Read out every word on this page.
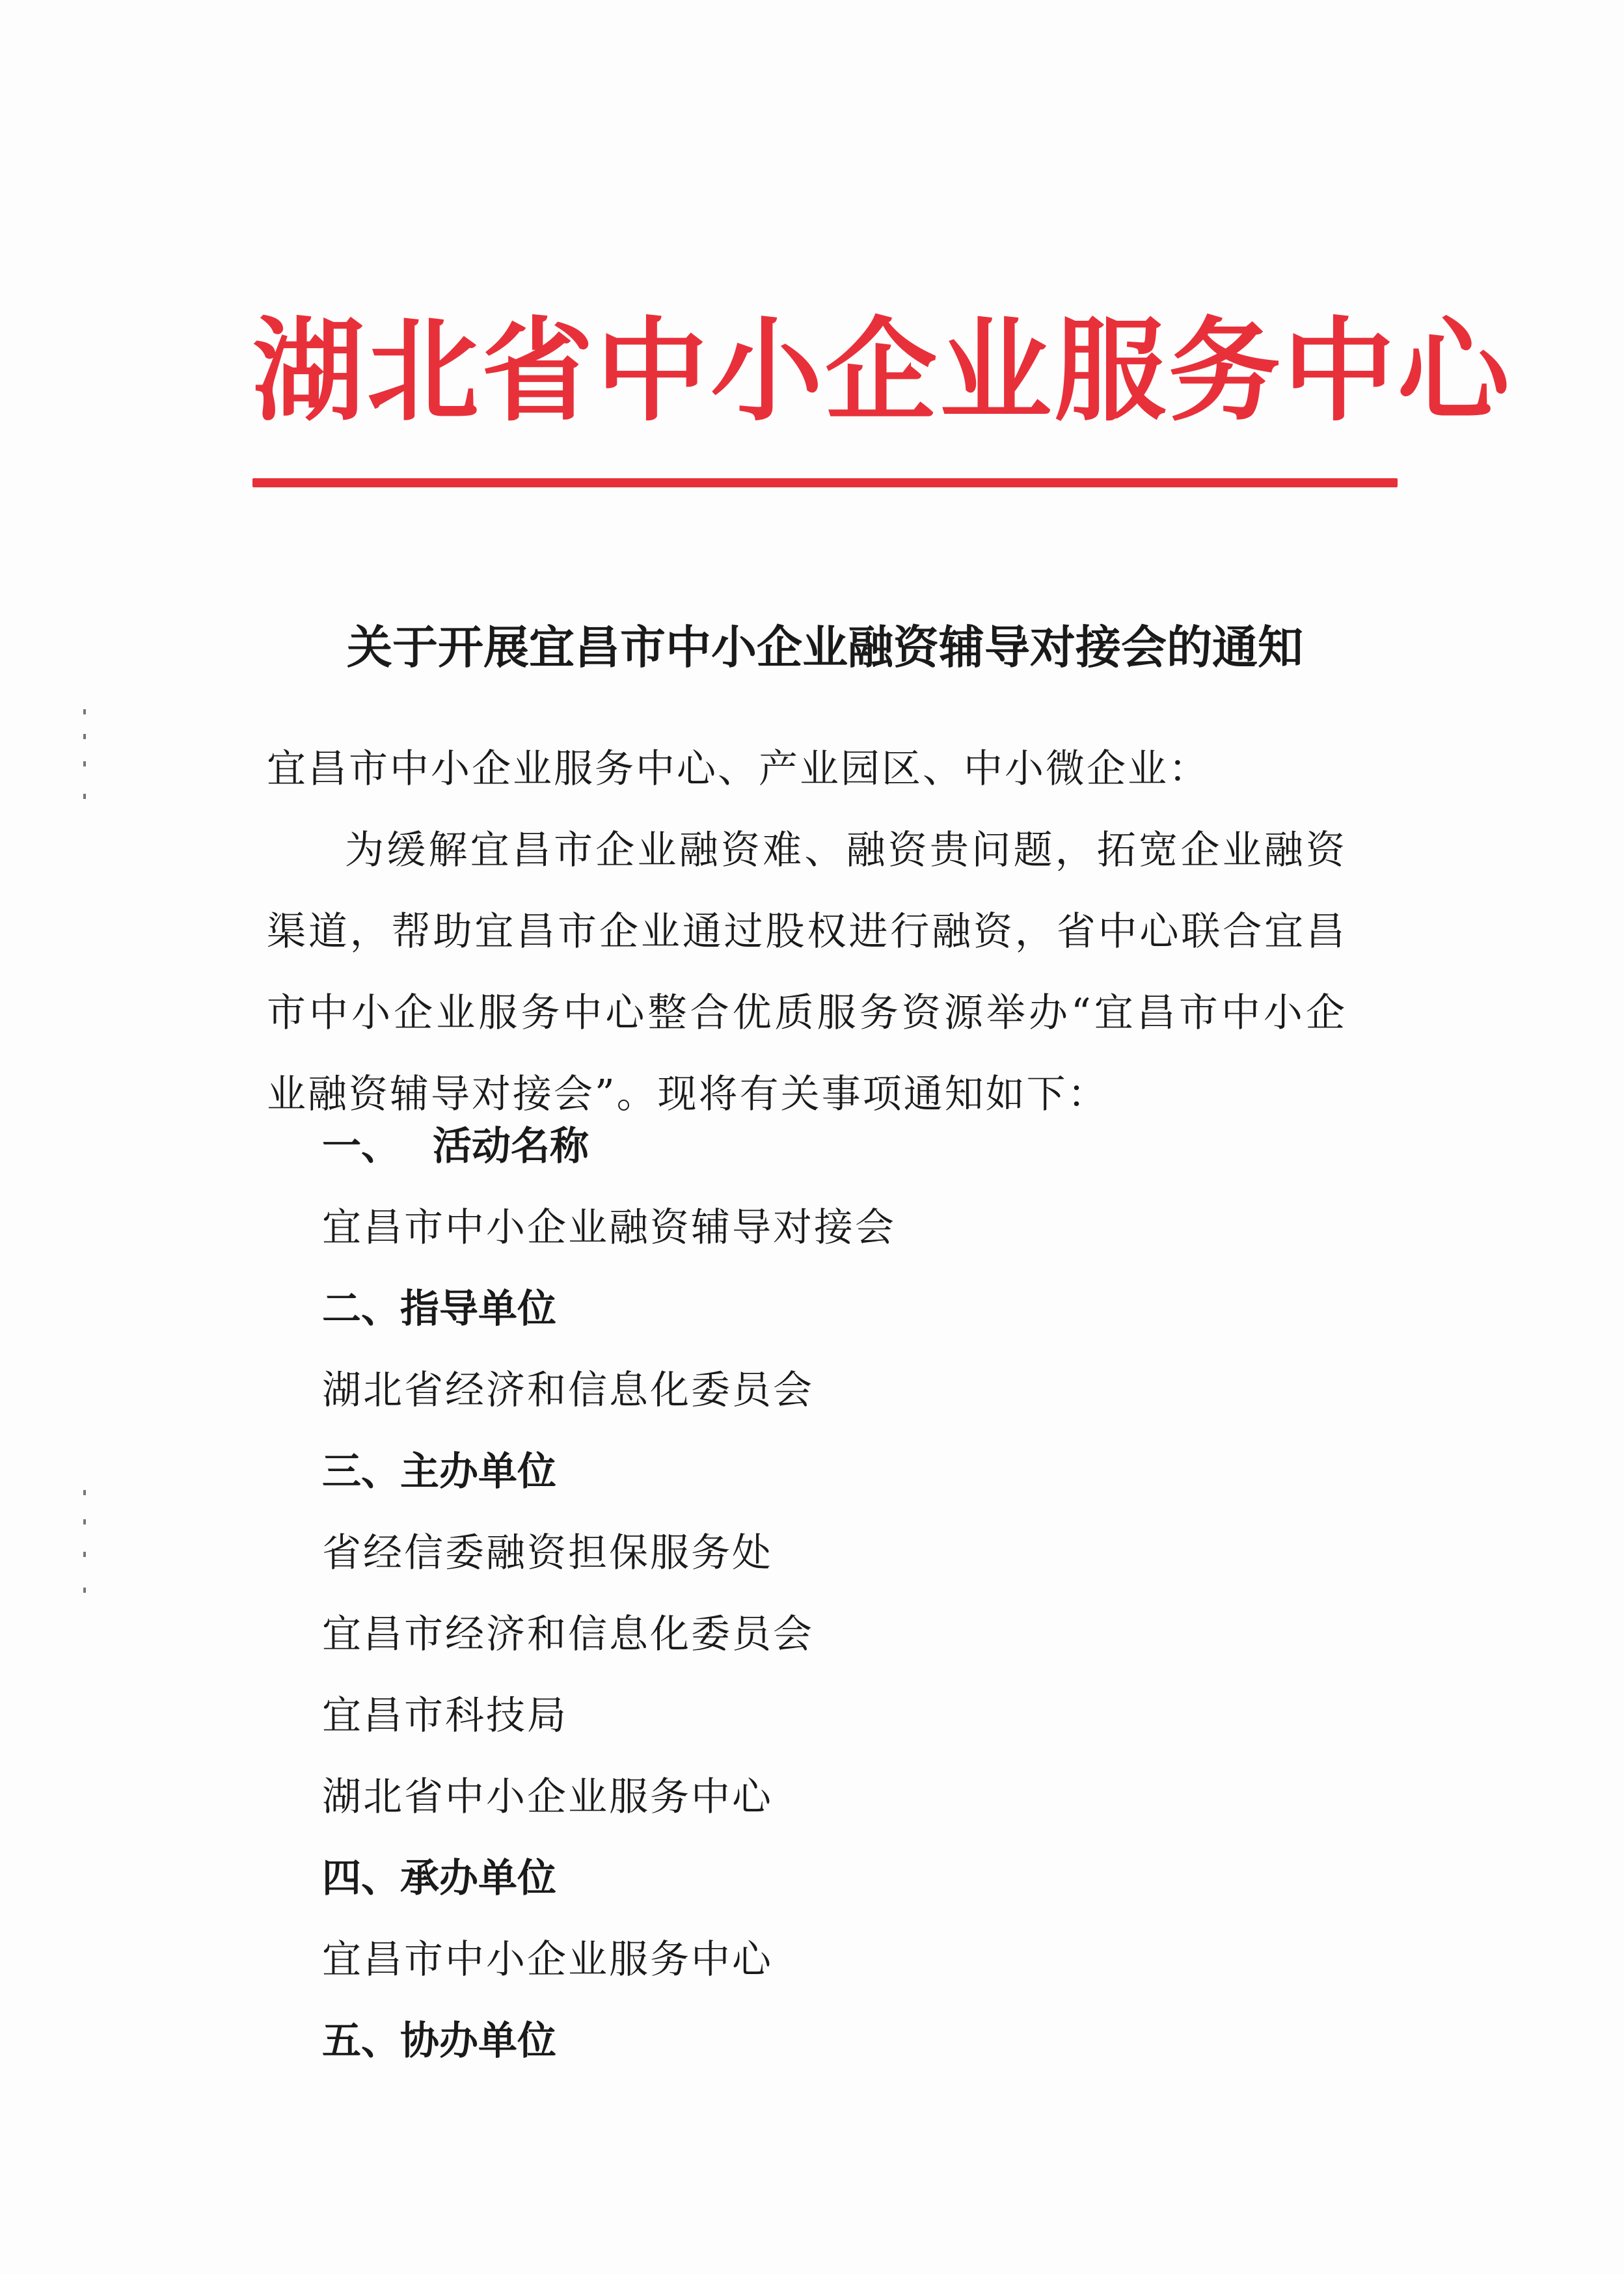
湖北省中小企业服务中心
关于开展宜昌市中小企业融资辅导对接会的通知
宜昌市中小企业服务中心、产业园区、中小微企业：

为缓解宜昌市企业融资难、融资贵问题，拓宽企业融资渠道，帮助宜昌市企业通过股权进行融资，省中心联合宜昌市中小企业服务中心整合优质服务资源举办“宜昌市中小企业融资辅导对接会”。现将有关事项通知如下：

一、 活动名称
宜昌市中小企业融资辅导对接会
二、指导单位
湖北省经济和信息化委员会
三、主办单位
省经信委融资担保服务处
宜昌市经济和信息化委员会
宜昌市科技局
湖北省中小企业服务中心
四、承办单位
宜昌市中小企业服务中心
五、协办单位
